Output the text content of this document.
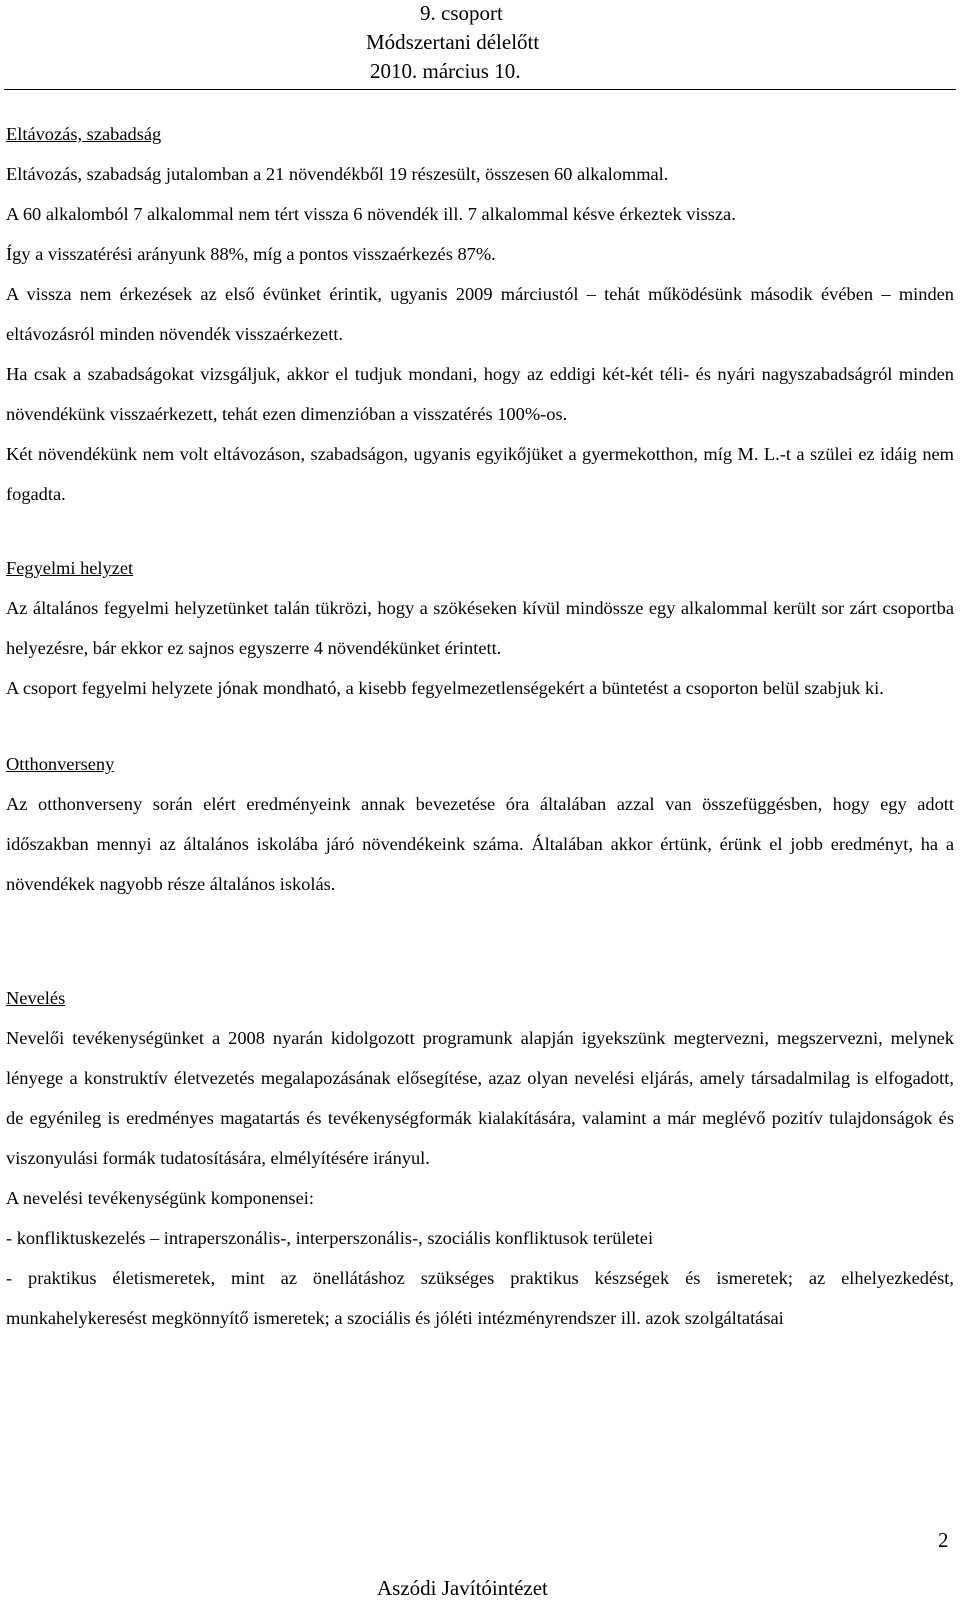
9. csoport
Módszertani délelőtt
2010. március 10.

Eltávozás, szabadság

Eltávozás, szabadság jutalomban a 21 növendékből 19 részesült, összesen 60 alkalommal.

A 60 alkalomból 7 alkalommal nem tért vissza 6 növendék ill. 7 alkalommal késve érkeztek vissza.

Így a visszatérési arányunk 88%, míg a pontos visszaérkezés 87%.

A vissza nem érkezések az első évünket érintik, ugyanis 2009 márciustól – tehát működésünk második évében – minden eltávozásról minden növendék visszaérkezett.

Ha csak a szabadságokat vizsgáljuk, akkor el tudjuk mondani, hogy az eddigi két-két téli- és nyári nagyszabadságról minden növendékünk visszaérkezett, tehát ezen dimenzióban a visszatérés 100%-os.

Két növendékünk nem volt eltávozáson, szabadságon, ugyanis egyikőjüket a gyermekotthon, míg M. L.-t a szülei ez idáig nem fogadta.

Fegyelmi helyzet

Az általános fegyelmi helyzetünket talán tükrözi, hogy a szökéseken kívül mindössze egy alkalommal került sor zárt csoportba helyezésre, bár ekkor ez sajnos egyszerre 4 növendékünket érintett.

A csoport fegyelmi helyzete jónak mondható, a kisebb fegyelmezetlenségekért a büntetést a csoporton belül szabjuk ki.

Otthonverseny

Az otthonverseny során elért eredményeink annak bevezetése óra általában azzal van összefüggésben, hogy egy adott időszakban mennyi az általános iskolába járó növendékeink száma. Általában akkor értünk, érünk el jobb eredményt, ha a növendékek nagyobb része általános iskolás.

Nevelés

Nevelői tevékenységünket a 2008 nyarán kidolgozott programunk alapján igyekszünk megtervezni, megszervezni, melynek lényege a konstruktív életvezetés megalapozásának elősegítése, azaz olyan nevelési eljárás, amely társadalmilag is elfogadott, de egyénileg is eredményes magatartás és tevékenységformák kialakítására, valamint a már meglévő pozitív tulajdonságok és viszonyulási formák tudatosítására, elmélyítésére irányul.

A nevelési tevékenységünk komponensei:

- konfliktuskezelés – intraperszonális-, interperszonális-, szociális konfliktusok területei

- praktikus életismeretek, mint az önellátáshoz szükséges praktikus készségek és ismeretek; az elhelyezkedést, munkahelykeresést megkönnyítő ismeretek; a szociális és jóléti intézményrendszer ill. azok szolgáltatásai

2
Aszódi Javítóintézet
